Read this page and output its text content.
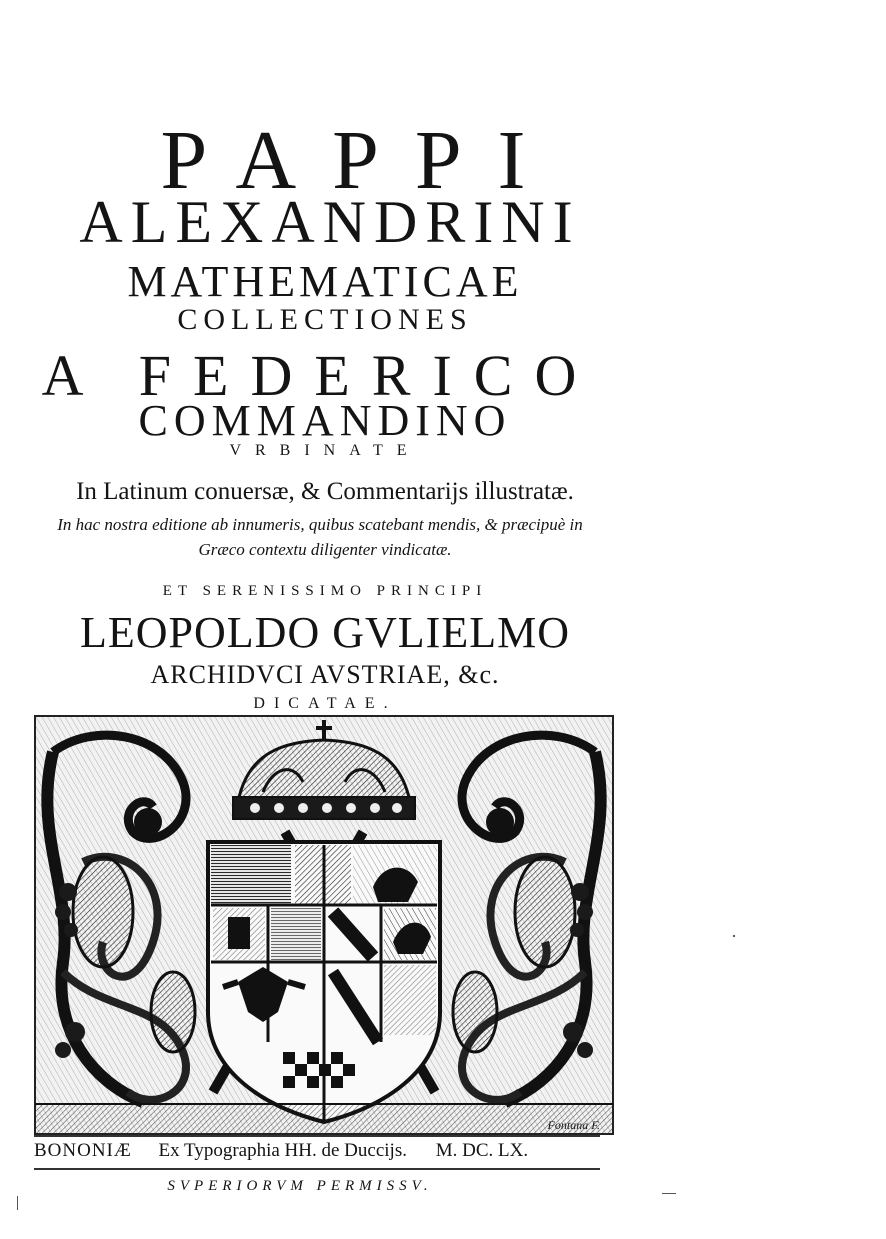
PAPPI
ALEXANDRINI
MATHEMATICAE
COLLECTIONES
A FEDERICO
COMMANDINO
VRBINATE
In Latinum conuersæ, & Commentarijs illustratæ.
In hac nostra editione ab innumeris, quibus scatebant mendis, & præcipuè in
Græco contextu diligenter vindicatæ.
ET SERENISSIMO PRINCIPI
LEOPOLDO GVLIELMO
ARCHIDVCI AVSTRIAE, &c.
DICATAE.
Fontana F.
BONONIÆ Ex Typographia HH. de Duccijs. M. DC. LX.
SVPERIORVM PERMISSV.
